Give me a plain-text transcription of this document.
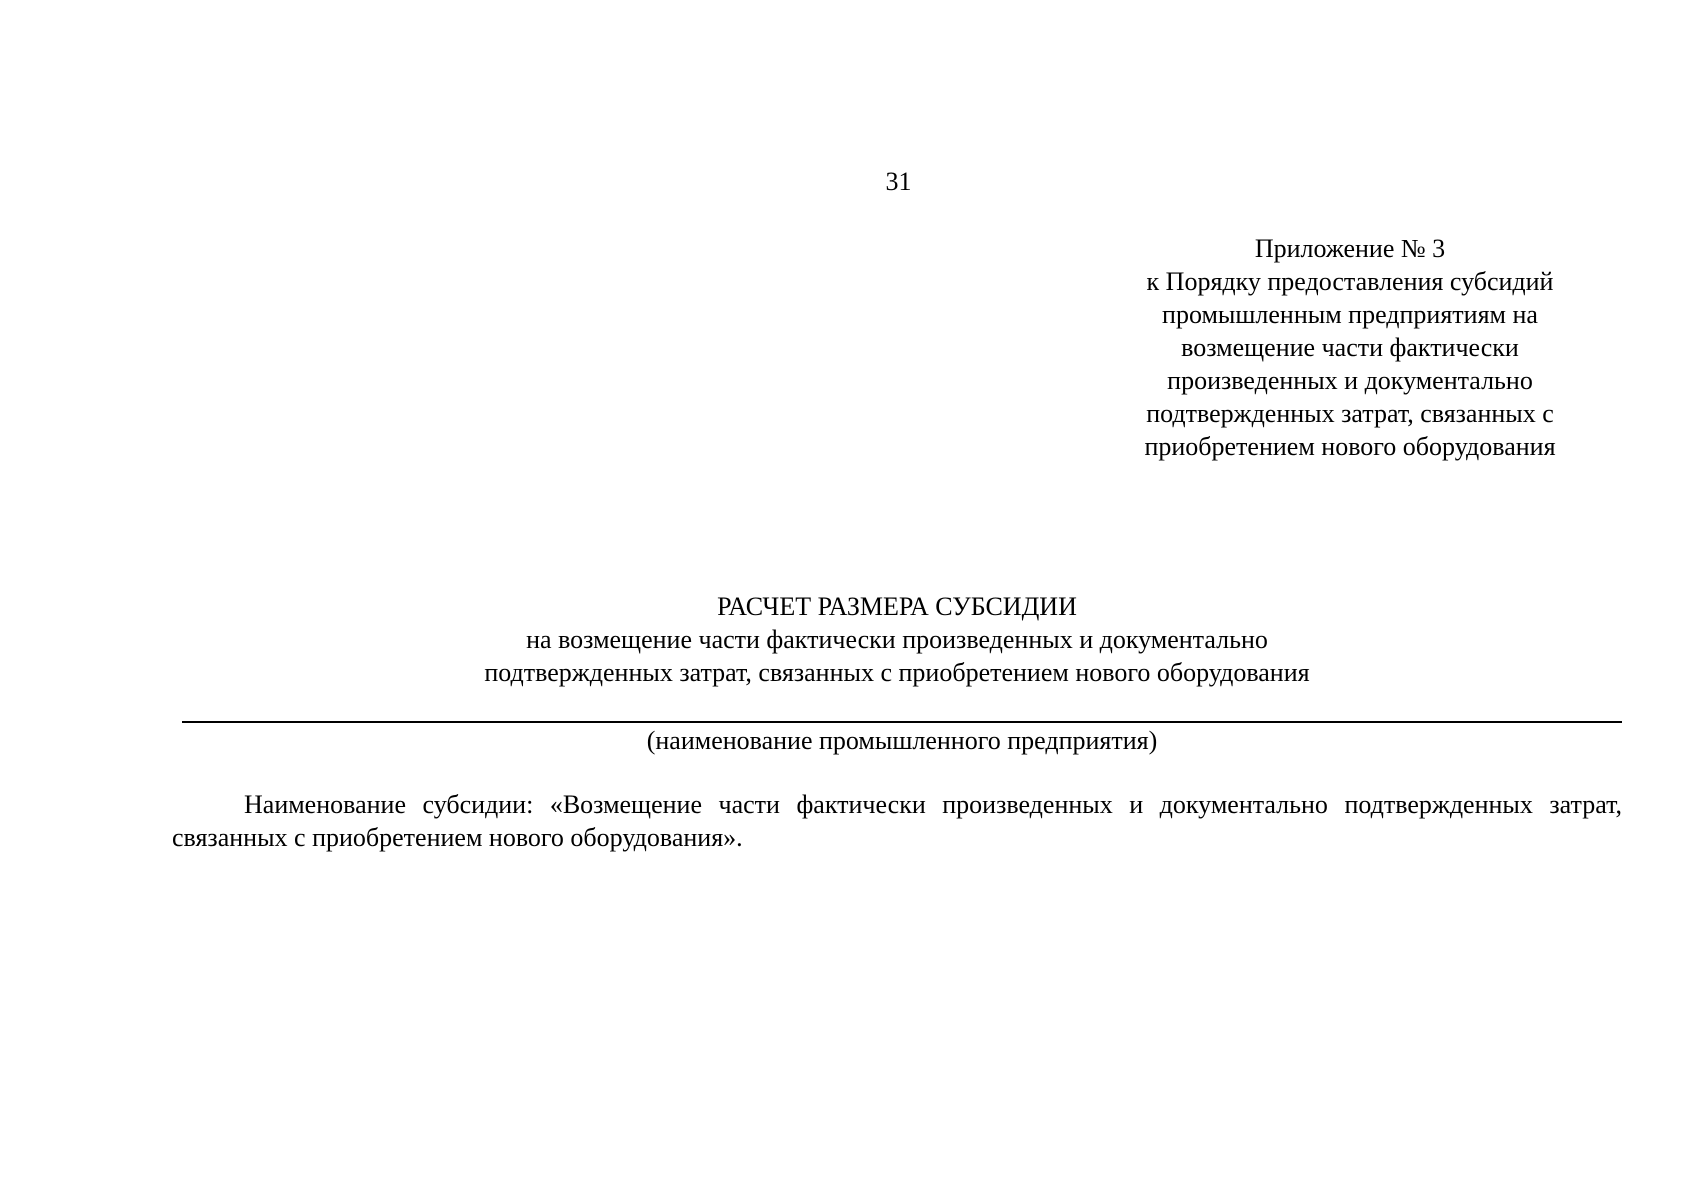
31
Приложение № 3
к Порядку предоставления субсидий
промышленным предприятиям на
возмещение части фактически
произведенных и документально
подтвержденных затрат, связанных с
приобретением нового оборудования
РАСЧЕТ РАЗМЕРА СУБСИДИИ
на возмещение части фактически произведенных и документально
подтвержденных затрат, связанных с приобретением нового оборудования
(наименование промышленного предприятия)
Наименование субсидии: «Возмещение части фактически произведенных и документально подтвержденных затрат, связанных с приобретением нового оборудования».
